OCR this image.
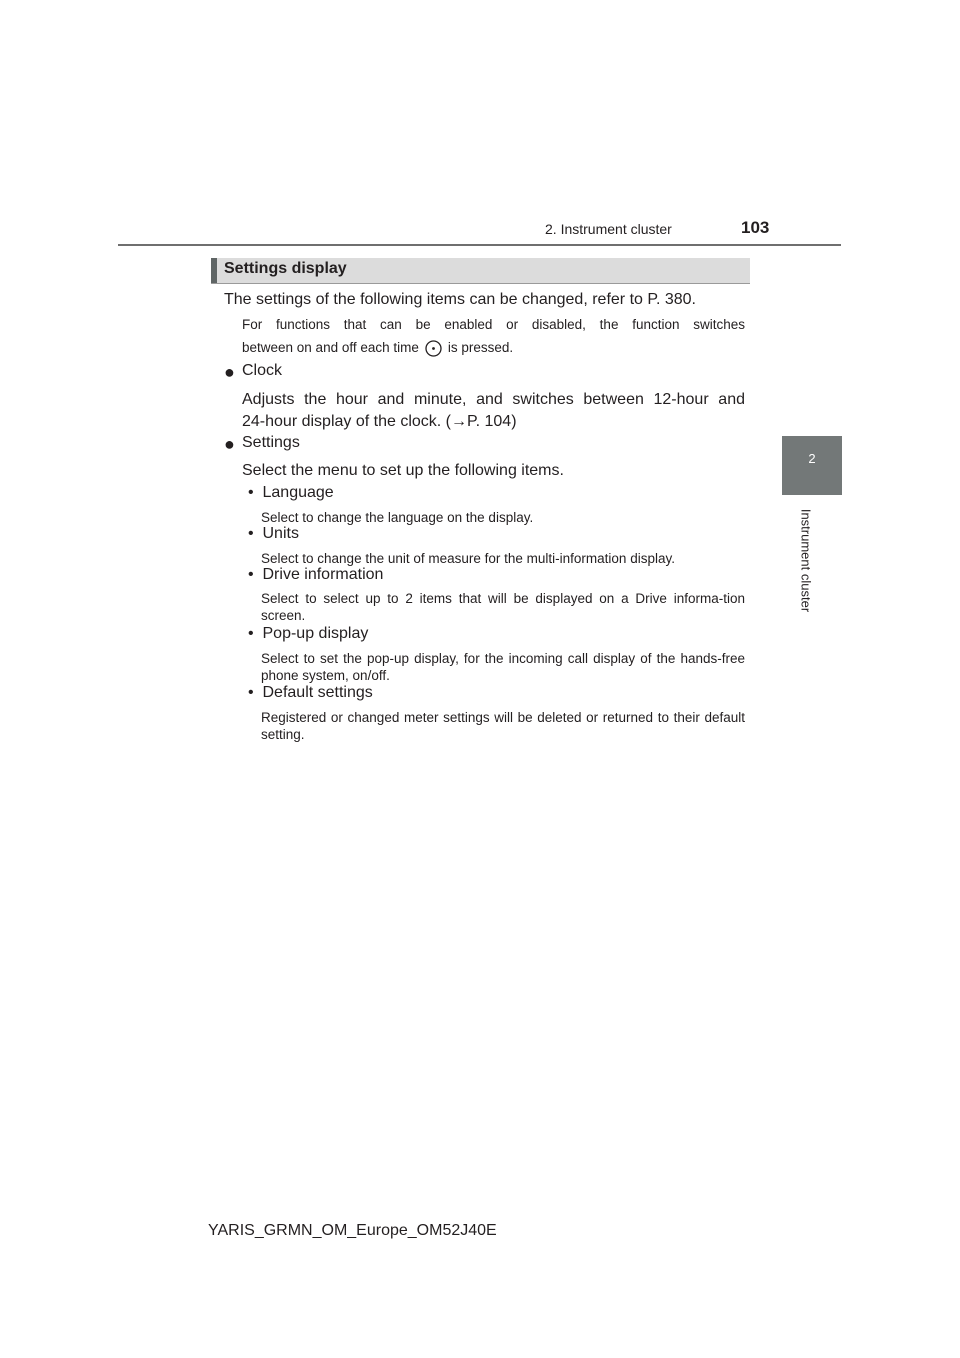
2. Instrument cluster	103
2
Instrument cluster
Settings display
The settings of the following items can be changed, refer to P. 380.
For functions that can be enabled or disabled, the function switches
between on and off each time is pressed.
● Clock
Adjusts the hour and minute, and switches between 12-hour and
24-hour display of the clock. (→P. 104)
● Settings
Select the menu to set up the following items.
•  Language
Select to change the language on the display.
•  Units
Select to change the unit of measure for the multi-information display.
•  Drive information
Select to select up to 2 items that will be displayed on a Drive informa-tion screen.
•  Pop-up display
Select to set the pop-up display, for the incoming call display of the hands-free phone system, on/off.
•  Default settings
Registered or changed meter settings will be deleted or returned to their default setting.
YARIS_GRMN_OM_Europe_OM52J40E
